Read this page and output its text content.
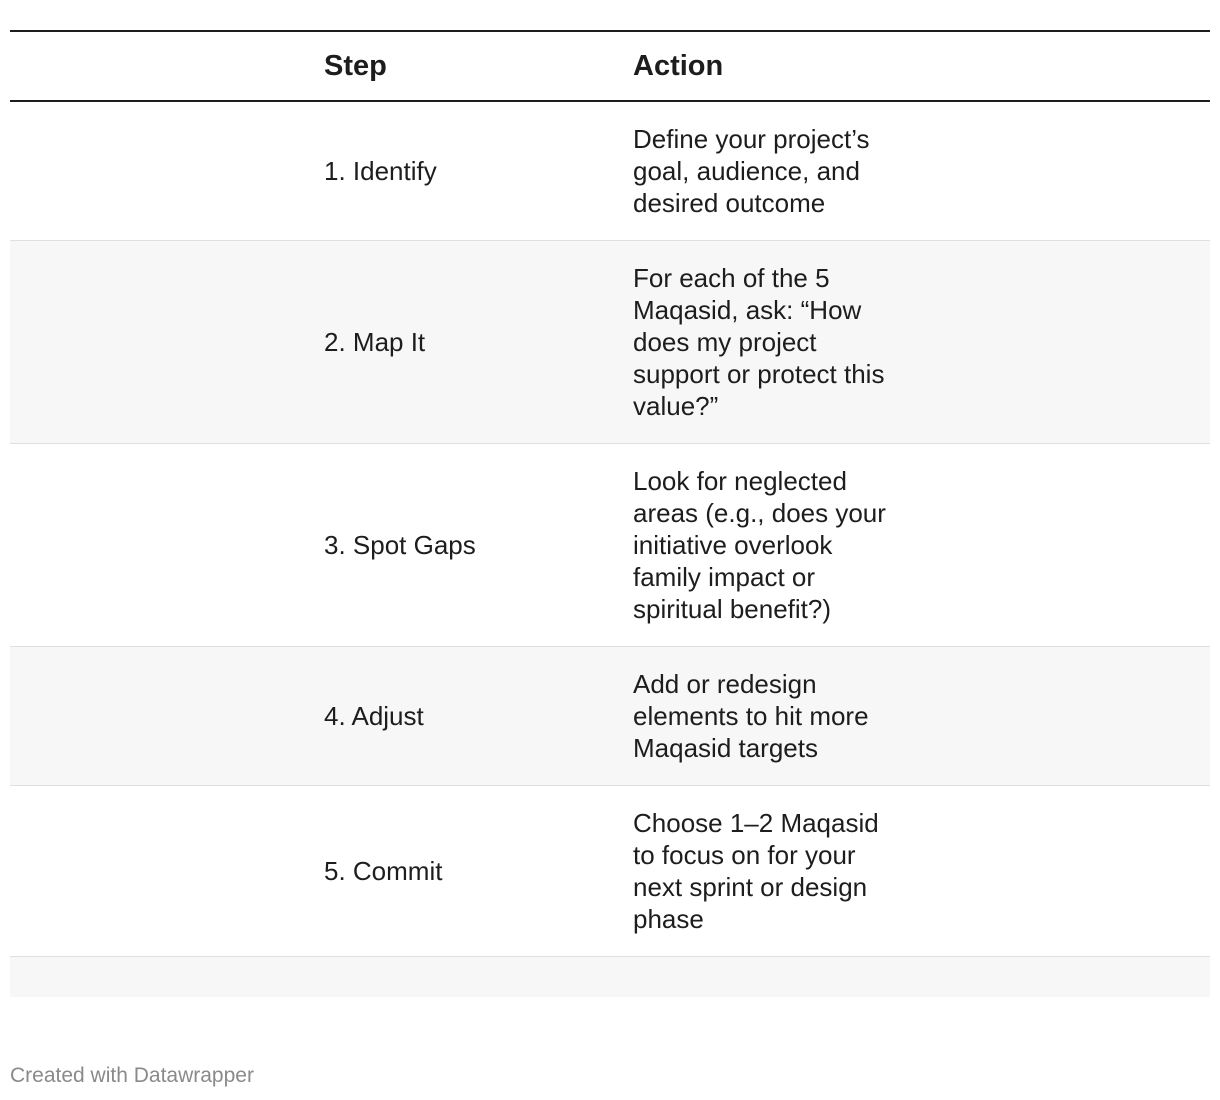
	Step	Action
	1. Identify	Define your project’s goal, audience, and desired outcome

	2. Map It	For each of the 5 Maqasid, ask: “How does my project support or protect this value?”

	3. Spot Gaps	Look for neglected areas (e.g., does your initiative overlook family impact or spiritual benefit?)

	4. Adjust	Add or redesign elements to hit more Maqasid targets

	5. Commit	Choose 1–2 Maqasid to focus on for your next sprint or design phase

Created with Datawrapper
